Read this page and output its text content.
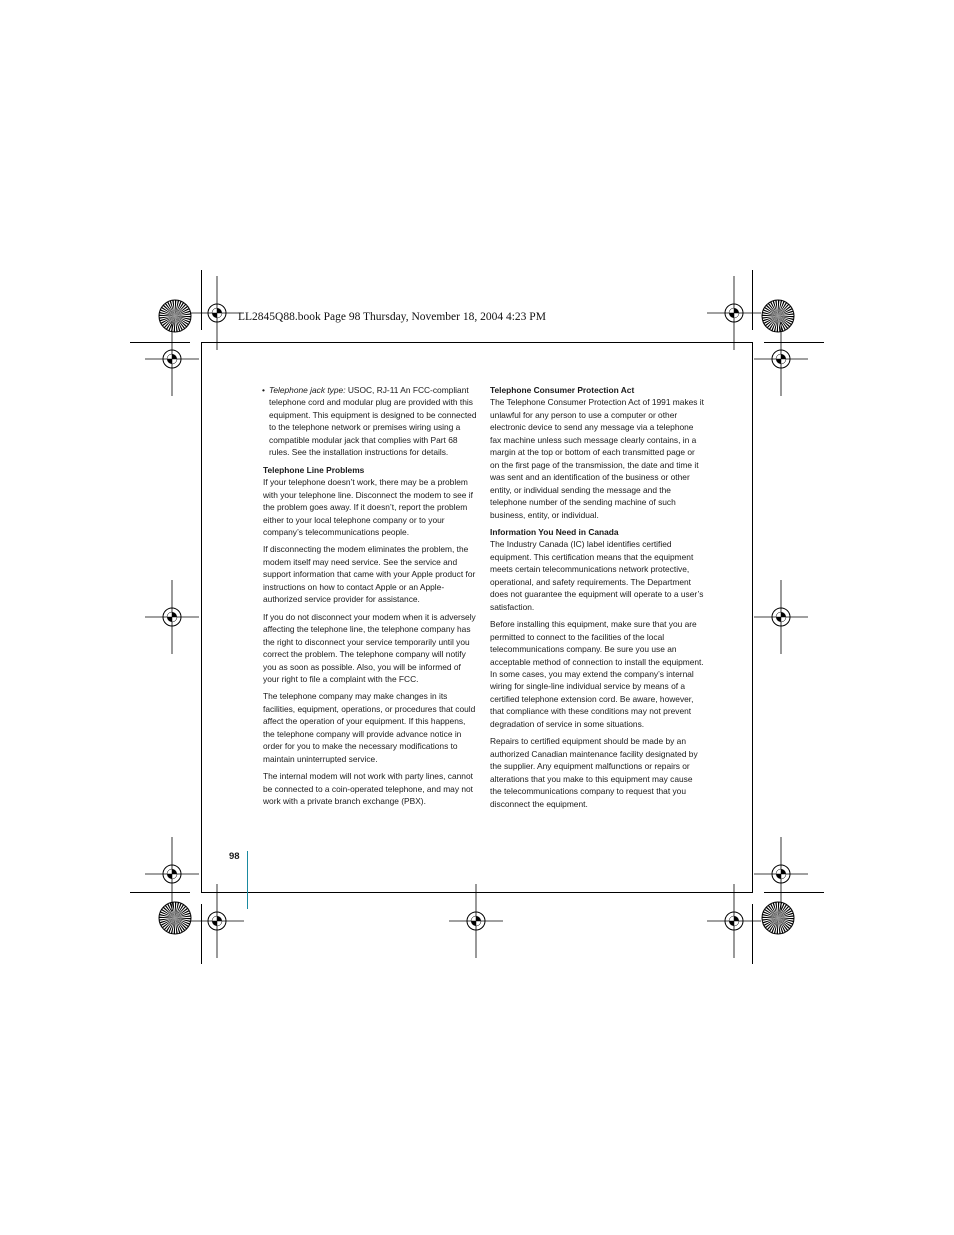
LL2845Q88.book Page 98 Thursday, November 18, 2004 4:23 PM
• Telephone jack type: USOC, RJ-11 An FCC-compliant telephone cord and modular plug are provided with this equipment. This equipment is designed to be connected to the telephone network or premises wiring using a compatible modular jack that complies with Part 68 rules. See the installation instructions for details.
Telephone Line Problems

If your telephone doesn’t work, there may be a problem with your telephone line. Disconnect the modem to see if the problem goes away. If it doesn’t, report the problem either to your local telephone company or to your company’s telecommunications people.

If disconnecting the modem eliminates the problem, the modem itself may need service. See the service and support information that came with your Apple product for instructions on how to contact Apple or an Apple-authorized service provider for assistance.

If you do not disconnect your modem when it is adversely affecting the telephone line, the telephone company has the right to disconnect your service temporarily until you correct the problem. The telephone company will notify you as soon as possible. Also, you will be informed of your right to file a complaint with the FCC.

The telephone company may make changes in its facilities, equipment, operations, or procedures that could affect the operation of your equipment. If this happens, the telephone company will provide advance notice in order for you to make the necessary modifications to maintain uninterrupted service.

The internal modem will not work with party lines, cannot be connected to a coin-operated telephone, and may not work with a private branch exchange (PBX).

Telephone Consumer Protection Act

The Telephone Consumer Protection Act of 1991 makes it unlawful for any person to use a computer or other electronic device to send any message via a telephone fax machine unless such message clearly contains, in a margin at the top or bottom of each transmitted page or on the first page of the transmission, the date and time it was sent and an identification of the business or other entity, or individual sending the message and the telephone number of the sending machine of such business, entity, or individual.

Information You Need in Canada

The Industry Canada (IC) label identifies certified equipment. This certification means that the equipment meets certain telecommunications network protective, operational, and safety requirements. The Department does not guarantee the equipment will operate to a user’s satisfaction.

Before installing this equipment, make sure that you are permitted to connect to the facilities of the local telecommunications company. Be sure you use an acceptable method of connection to install the equipment. In some cases, you may extend the company’s internal wiring for single-line individual service by means of a certified telephone extension cord. Be aware, however, that compliance with these conditions may not prevent degradation of service in some situations.

Repairs to certified equipment should be made by an authorized Canadian maintenance facility designated by the supplier. Any equipment malfunctions or repairs or alterations that you make to this equipment may cause the telecommunications company to request that you disconnect the equipment.

98
